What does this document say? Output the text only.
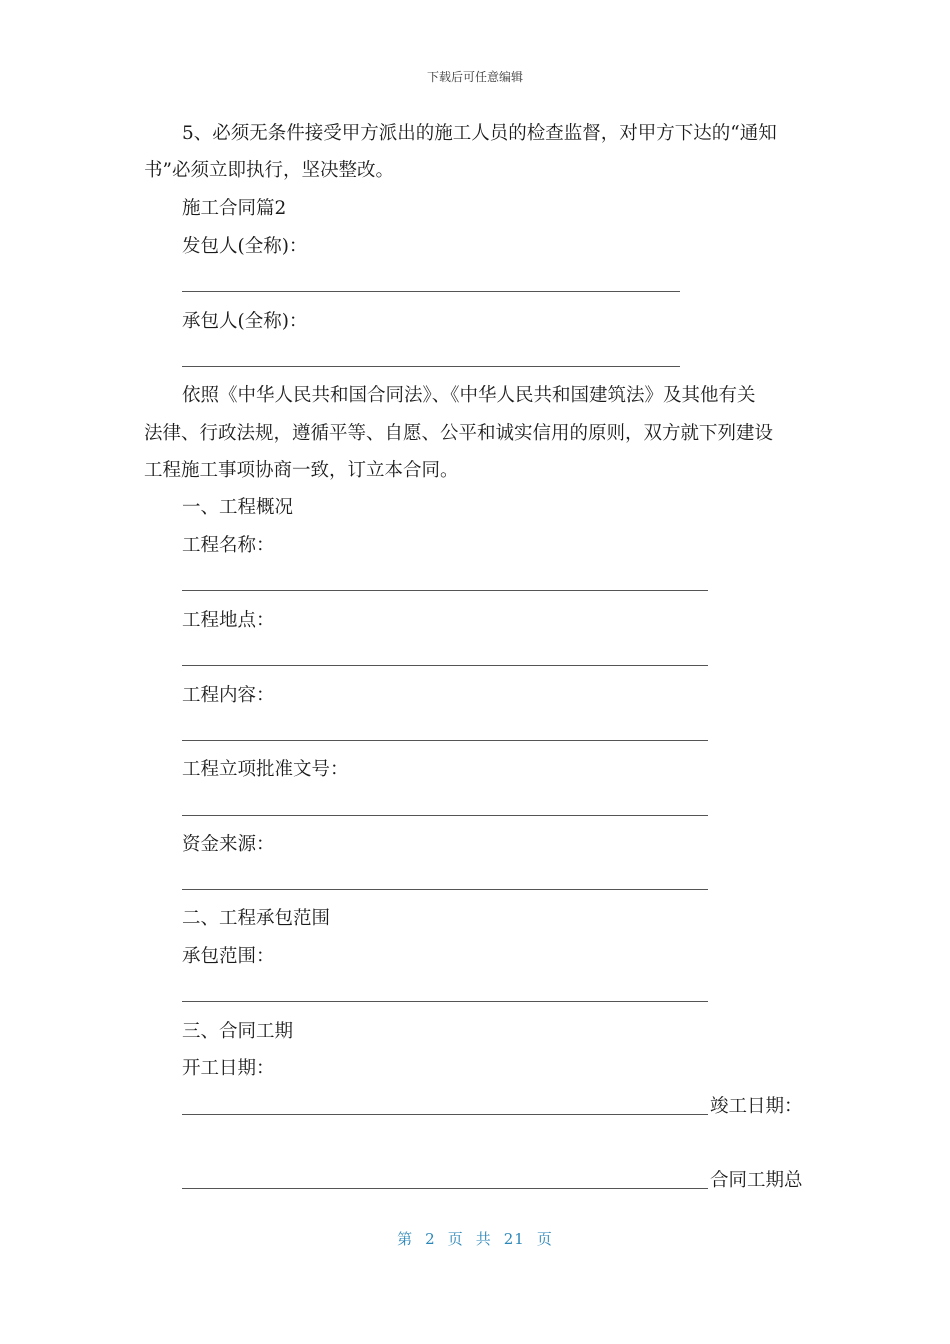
下载后可任意编辑
5、必须无条件接受甲方派出的施工人员的检查监督，对甲方下达的“通知
书”必须立即执行，坚决整改。
施工合同篇2
发包人(全称)：
承包人(全称)：
依照《中华人民共和国合同法》、《中华人民共和国建筑法》及其他有关
法律、行政法规，遵循平等、自愿、公平和诚实信用的原则，双方就下列建设
工程施工事项协商一致，订立本合同。
一、工程概况
工程名称：
工程地点：
工程内容：
工程立项批准文号：
资金来源：
二、工程承包范围
承包范围：
三、合同工期
开工日期：
竣工日期：
合同工期总
第 2 页 共 21 页
